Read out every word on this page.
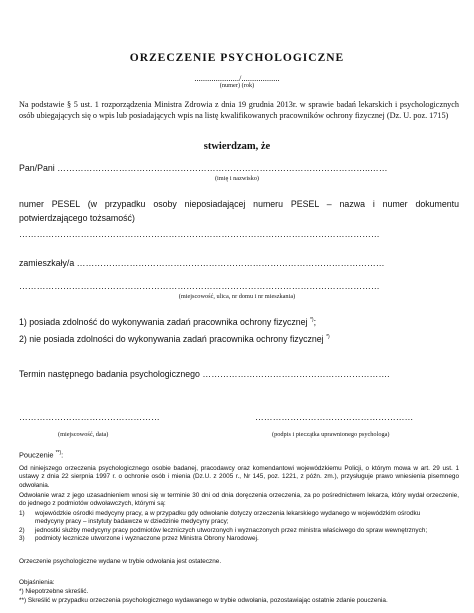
ORZECZENIE PSYCHOLOGICZNE
...................../..................
(numer) (rok)
Na podstawie § 5 ust. 1 rozporządzenia Ministra Zdrowia z dnia 19 grudnia 2013r. w sprawie badań lekarskich i psychologicznych osób ubiegających się o wpis lub posiadających wpis na listę kwalifikowanych pracowników ochrony fizycznej (Dz. U. poz. 1715)
stwierdzam, że
Pan/Pani ……………………………………………………………………………………………..……
(imię i nazwisko)
numer PESEL (w przypadku osoby nieposiadającej numeru PESEL – nazwa i numer dokumentu
potwierdzającego tożsamość)
……………………………………………………………………………………………………………
zamieszkały/a ……………………………………………………………………………………………
……………………………………………………………………………………………………………
(miejscowość, ulica, nr domu i nr mieszkania)
1) posiada zdolność do wykonywania zadań pracownika ochrony fizycznej *);
2) nie posiada zdolności do wykonywania zadań pracownika ochrony fizycznej *)
Termin następnego badania psychologicznego ……………………………………………………….
…………………………………………
(miejscowość, data)
………………………………………………
(podpis i pieczątka uprawnionego psychologa)
Pouczenie **):
Od niniejszego orzeczenia psychologicznego osobie badanej, pracodawcy oraz komendantowi wojewódzkiemu Policji, o którym mowa w art. 29 ust. 1 ustawy z dnia 22 sierpnia 1997 r. o ochronie osób i mienia (Dz.U. z 2005 r., Nr 145, poz. 1221, z późn. zm.), przysługuje prawo wniesienia pisemnego odwołania.
Odwołanie wraz z jego uzasadnieniem wnosi się w terminie 30 dni od dnia doręczenia orzeczenia, za po pośrednictwem lekarza, który wydał orzeczenie, do jednego z podmiotów odwoławczych, którymi są:
1)	wojewódzkie ośrodki medycyny pracy, a w przypadku gdy odwołanie dotyczy orzeczenia lekarskiego wydanego w wojewódzkim ośrodku
medycyny pracy – instytuty badawcze w dziedzinie medycyny pracy;
2)	jednostki służby medycyny pracy podmiotów leczniczych utworzonych i wyznaczonych przez ministra właściwego do spraw wewnętrznych;
3)	podmioty lecznicze utworzone i wyznaczone przez Ministra Obrony Narodowej.
Orzeczenie psychologiczne wydane w trybie odwołania jest ostateczne.
Objaśnienia:
*) Niepotrzebne skreślić.
**) Skreślić w przypadku orzeczenia psychologicznego wydawanego w trybie odwołania, pozostawiając ostatnie zdanie pouczenia.
